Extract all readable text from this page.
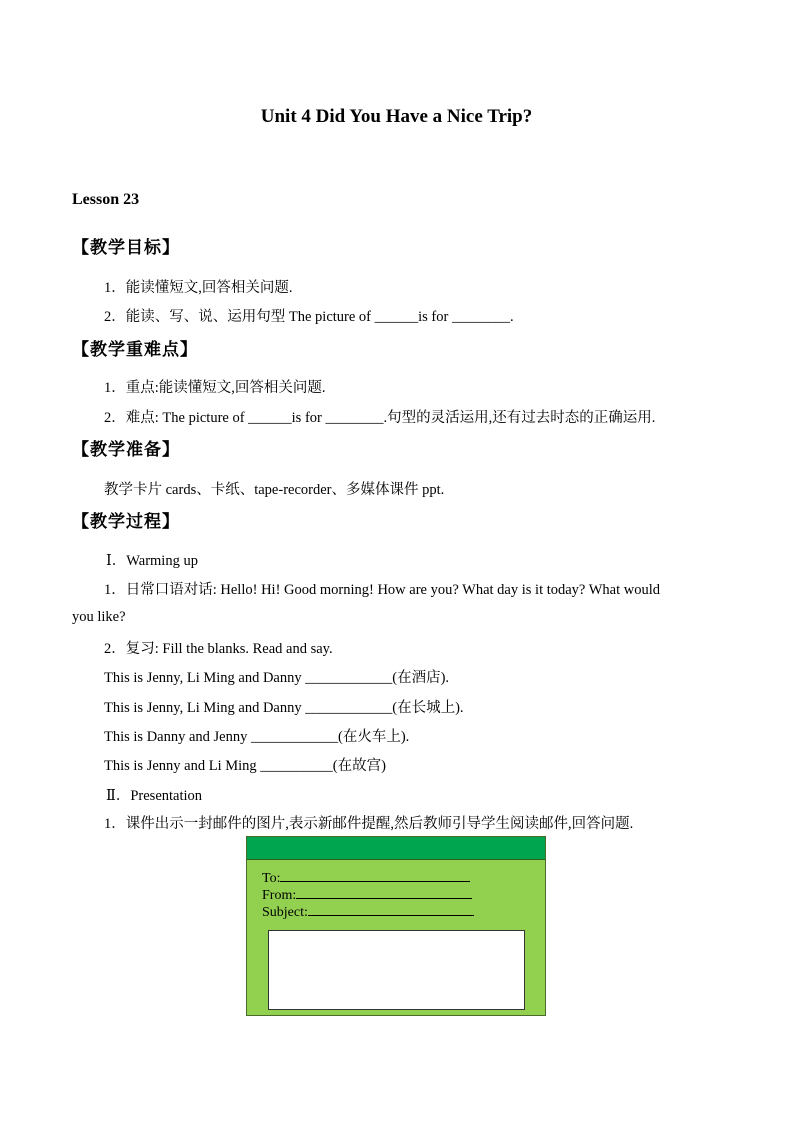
Unit 4 Did You Have a Nice Trip?
Lesson 23
【教学目标】
1．能读懂短文,回答相关问题.
2．能读、写、说、运用句型 The picture of ______is for ________.
【教学重难点】
1．重点:能读懂短文,回答相关问题.
2．难点: The picture of ______is for ________.句型的灵活运用,还有过去时态的正确运用.
【教学准备】
教学卡片 cards、卡纸、tape-recorder、多媒体课件 ppt.
【教学过程】
Ⅰ．Warming up
1．日常口语对话: Hello! Hi! Good morning! How are you? What day is it today? What would
you like?
2．复习: Fill the blanks. Read and say.
This is Jenny, Li Ming and Danny ____________(在酒店).
This is Jenny, Li Ming and Danny ____________(在长城上).
This is Danny and Jenny ____________(在火车上).
This is Jenny and Li Ming __________(在故宫)
Ⅱ．Presentation
1．课件出示一封邮件的图片,表示新邮件提醒,然后教师引导学生阅读邮件,回答问题.
To:
From:
Subject:
